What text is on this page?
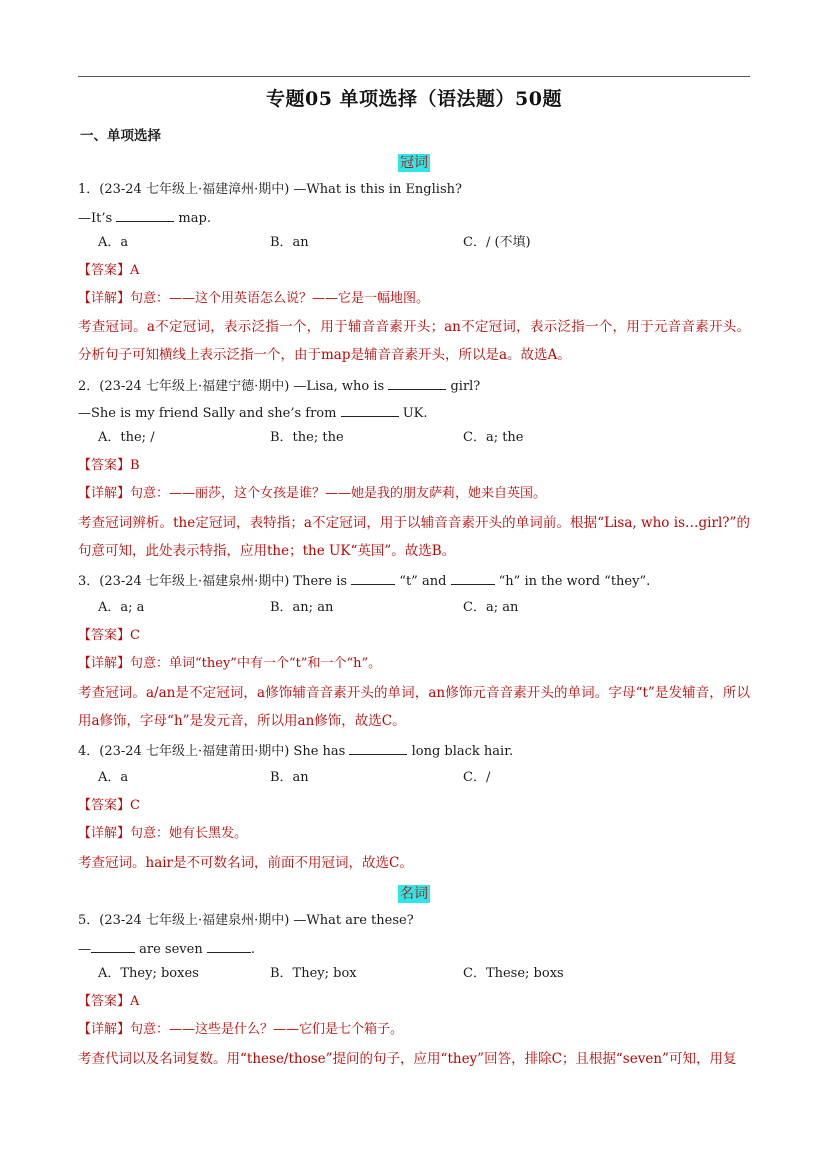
专题05 单项选择（语法题）50题
一、单项选择
冠词
1．(23-24 七年级上·福建漳州·期中) —What is this in English?
—It’s	map.
A．a	B．an	C．/ (不填)
【答案】A
【详解】句意：——这个用英语怎么说？——它是一幅地图。
考查冠词。a不定冠词，表示泛指一个，用于辅音音素开头；an不定冠词，表示泛指一个，用于元音音素开头。分析句子可知横线上表示泛指一个，由于map是辅音音素开头，所以是a。故选A。
2．(23-24 七年级上·福建宁德·期中) —Lisa, who is	girl?
—She is my friend Sally and she’s from	UK.
A．the; /	B．the; the	C．a; the
【答案】B
【详解】句意：——丽莎，这个女孩是谁？——她是我的朋友萨莉，她来自英国。
考查冠词辨析。the定冠词，表特指；a不定冠词，用于以辅音音素开头的单词前。根据“Lisa, who is…girl?”的句意可知，此处表示特指，应用the；the UK“英国”。故选B。
3．(23-24 七年级上·福建泉州·期中) There is	“t” and	“h” in the word “they”.
A．a; a	B．an; an	C．a; an
【答案】C
【详解】句意：单词“they”中有一个“t”和一个“h”。
考查冠词。a/an是不定冠词，a修饰辅音音素开头的单词，an修饰元音音素开头的单词。字母“t”是发辅音，所以用a修饰，字母“h”是发元音，所以用an修饰，故选C。
4．(23-24 七年级上·福建莆田·期中) She has	long black hair.
A．a	B．an	C．/
【答案】C
【详解】句意：她有长黑发。
考查冠词。hair是不可数名词，前面不用冠词，故选C。
名词
5．(23-24 七年级上·福建泉州·期中) —What are these?
—	are seven	.
A．They; boxes	B．They; box	C．These; boxs
【答案】A
【详解】句意：——这些是什么？——它们是七个箱子。
考查代词以及名词复数。用“these/those”提问的句子，应用“they”回答，排除C；且根据“seven”可知，用复
